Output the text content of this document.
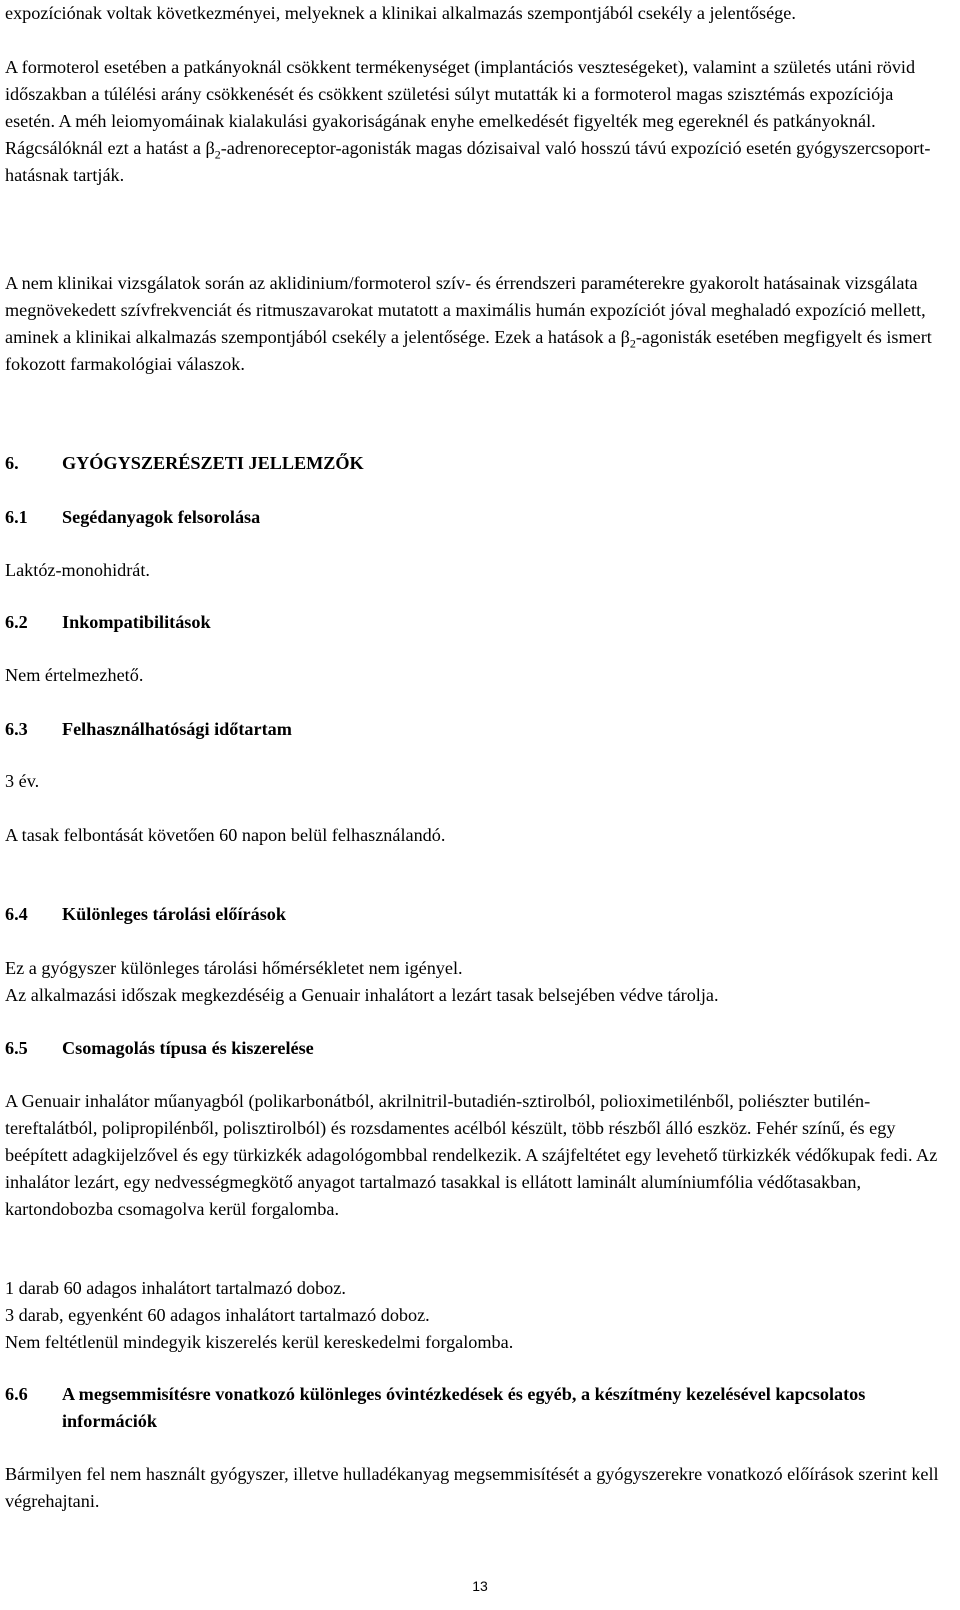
expozíciónak voltak következményei, melyeknek a klinikai alkalmazás szempontjából csekély a jelentősége.

A formoterol esetében a patkányoknál csökkent termékenységet (implantációs veszteségeket), valamint a születés utáni rövid időszakban a túlélési arány csökkenését és csökkent születési súlyt mutatták ki a formoterol magas szisztémás expozíciója esetén. A méh leiomyomáinak kialakulási gyakoriságának enyhe emelkedését figyelték meg egereknél és patkányoknál. Rágcsálóknál ezt a hatást a $\beta_2-adrenoreceptor$-agonisták magas dózisaival való hosszú távú expozíció esetén gyógyszercsoport-hatásnak tartják.

A nem klinikai vizsgálatok során az aklidinium/formoterol szív- és érrendszeri paraméterekre gyakorolt hatásainak vizsgálata megnövekedett szívfrekvenciát és ritmuszavarokat mutatott a maximális humán expozíciót jóval meghaladó expozíció mellett, aminek a klinikai alkalmazás szempontjából csekély a jelentősége. Ezek a hatások a $\beta_2$-agonisták esetében megfigyelt és ismert fokozott farmakológiai válaszok.

6. GYÓGYSZERÉSZETI JELLEMZŐK
6.1 Segédanyagok felsorolása

Laktóz-monohidrát.

6.2 Inkompatibilitások

Nem értelmezhető.

6.3 Felhasználhatósági időtartam

3 év.

A tasak felbontását követően 60 napon belül felhasználandó.

6.4 Különleges tárolási előírások

Ez a gyógyszer különleges tárolási hőmérsékletet nem igényel.

Az alkalmazási időszak megkezdéséig a Genuair inhalátort a lezárt tasak belsejében védve tárolja.

6.5 Csomagolás típusa és kiszerelése

A Genuair inhalátor műanyagból (polikarbonátból, akrilnitril-butadién-sztirolból, polioximetilénből, poliészter butilén-tereftalátból, polipropilénből, polisztirolból) és rozsdamentes acélból készült, több részből álló eszköz. Fehér színű, és egy beépített adagkijelzővel és egy türkizkék adagológombbal rendelkezik. A szájfeltétet egy levehető türkizkék védőkupak fedi. Az inhalátor lezárt, egy nedvességmegkötő anyagot tartalmazó tasakkal is ellátott laminált alumíniumfólia védőtasakban, kartondobozba csomagolva kerül forgalomba.

1 darab 60 adagos inhalátort tartalmazó doboz.

3 darab, egyenként 60 adagos inhalátort tartalmazó doboz.

Nem feltétlenül mindegyik kiszerelés kerül kereskedelmi forgalomba.

6.6	A megsemmisítésre vonatkozó különleges óvintézkedések és egyéb, a készítmény kezelésével kapcsolatos információk

Bármilyen fel nem használt gyógyszer, illetve hulladékanyag megsemmisítését a gyógyszerekre vonatkozó előírások szerint kell végrehajtani.

13
